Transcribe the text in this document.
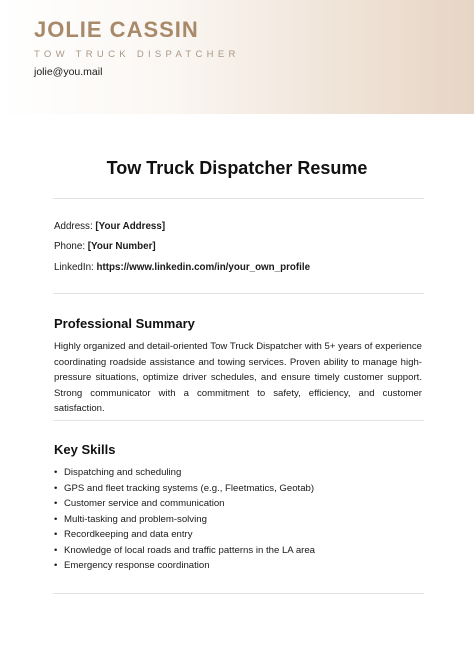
JOLIE CASSIN
TOW TRUCK DISPATCHER
jolie@you.mail
Tow Truck Dispatcher Resume
Address: [Your Address]
Phone: [Your Number]
LinkedIn: https://www.linkedin.com/in/your_own_profile
Professional Summary
Highly organized and detail-oriented Tow Truck Dispatcher with 5+ years of experience coordinating roadside assistance and towing services. Proven ability to manage high-pressure situations, optimize driver schedules, and ensure timely customer support. Strong communicator with a commitment to safety, efficiency, and customer satisfaction.
Key Skills
• Dispatching and scheduling
• GPS and fleet tracking systems (e.g., Fleetmatics, Geotab)
• Customer service and communication
• Multi-tasking and problem-solving
• Recordkeeping and data entry
• Knowledge of local roads and traffic patterns in the LA area
• Emergency response coordination
